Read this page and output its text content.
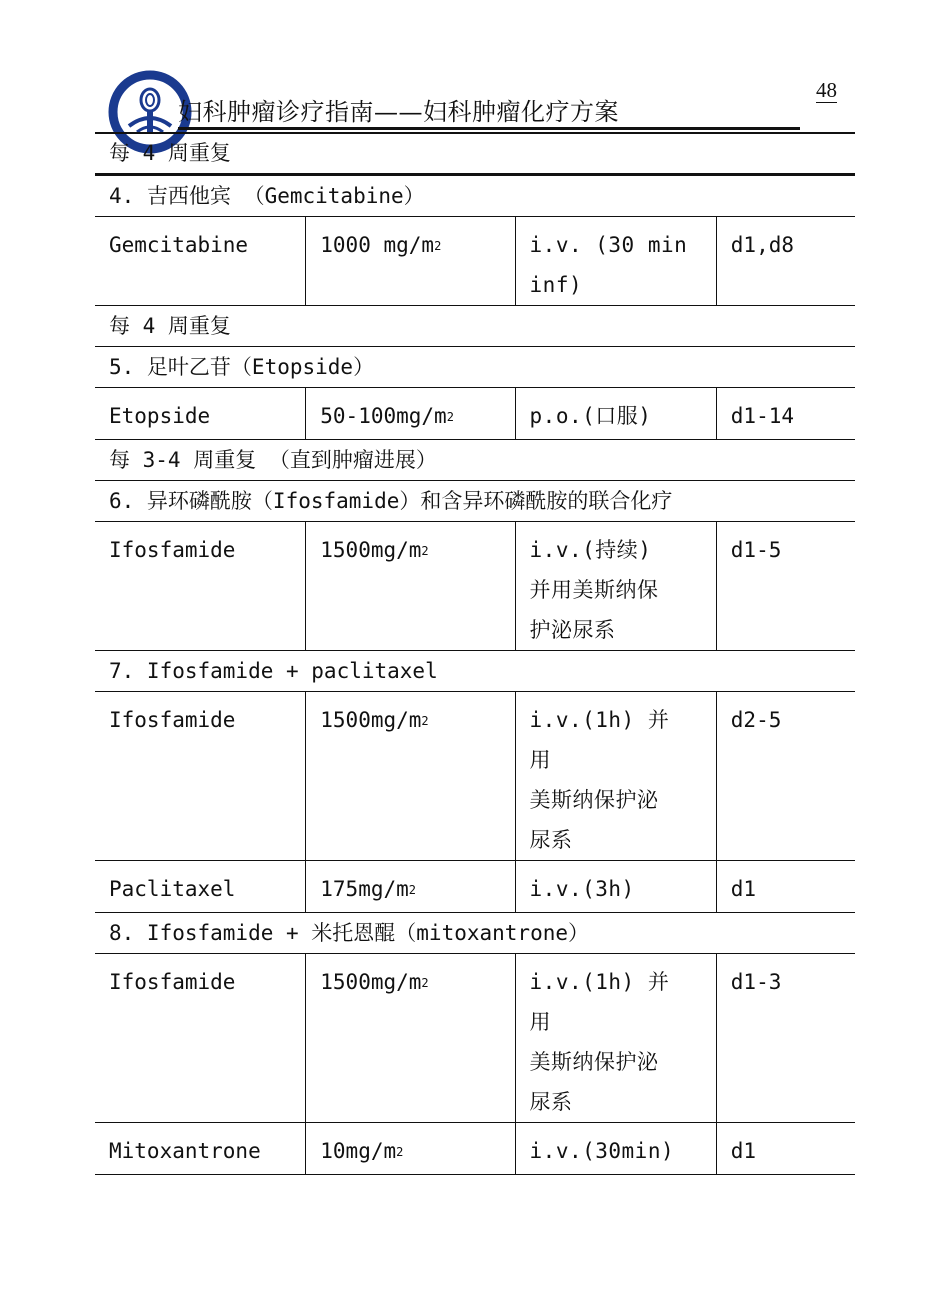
妇科肿瘤诊疗指南——妇科肿瘤化疗方案
48
每 4 周重复			
4. 吉西他宾 （Gemcitabine）			
Gemcitabine	1000 mg/m2	i.v. (30 min
inf)	d1,d8
每 4 周重复			
5. 足叶乙苷（Etopside）			
Etopside	50-100mg/m2	p.o.(口服)	d1-14
每 3-4 周重复 （直到肿瘤进展）			
6. 异环磷酰胺（Ifosfamide）和含异环磷酰胺的联合化疗			
Ifosfamide	1500mg/m2	i.v.(持续)
并用美斯纳保
护泌尿系	d1-5
7. Ifosfamide + paclitaxel			
Ifosfamide	1500mg/m2	i.v.(1h) 并 用
美斯纳保护泌
尿系	d2-5
Paclitaxel	175mg/m2	i.v.(3h)	d1
8. Ifosfamide + 米托恩醌（mitoxantrone）			
Ifosfamide	1500mg/m2	i.v.(1h) 并 用
美斯纳保护泌
尿系	d1-3
Mitoxantrone	10mg/m2	i.v.(30min)	d1
